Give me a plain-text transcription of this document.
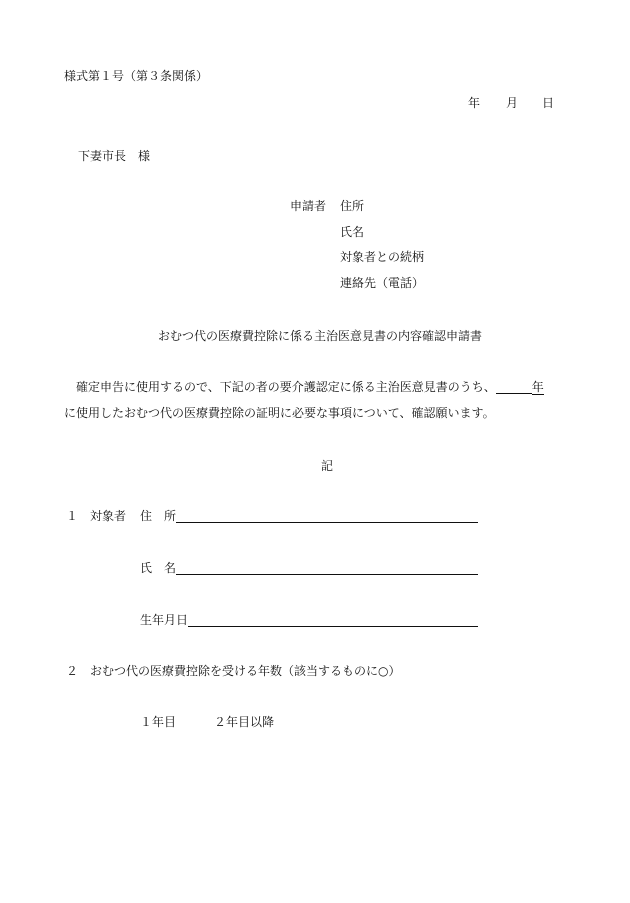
様式第１号（第３条関係）
年 月 日
下妻市長　様
申請者 住所
氏名
対象者との続柄
連絡先（電話）
おむつ代の医療費控除に係る主治医意見書の内容確認申請書
確定申告に使用するので、下記の者の要介護認定に係る主治医意見書のうち、	年
に使用したおむつ代の医療費控除の証明に必要な事項について、確認願います。
記
１ 対象者 住　所
氏　名
生年月日
２ おむつ代の医療費控除を受ける年数（該当するものに○）
１年目	２年目以降
